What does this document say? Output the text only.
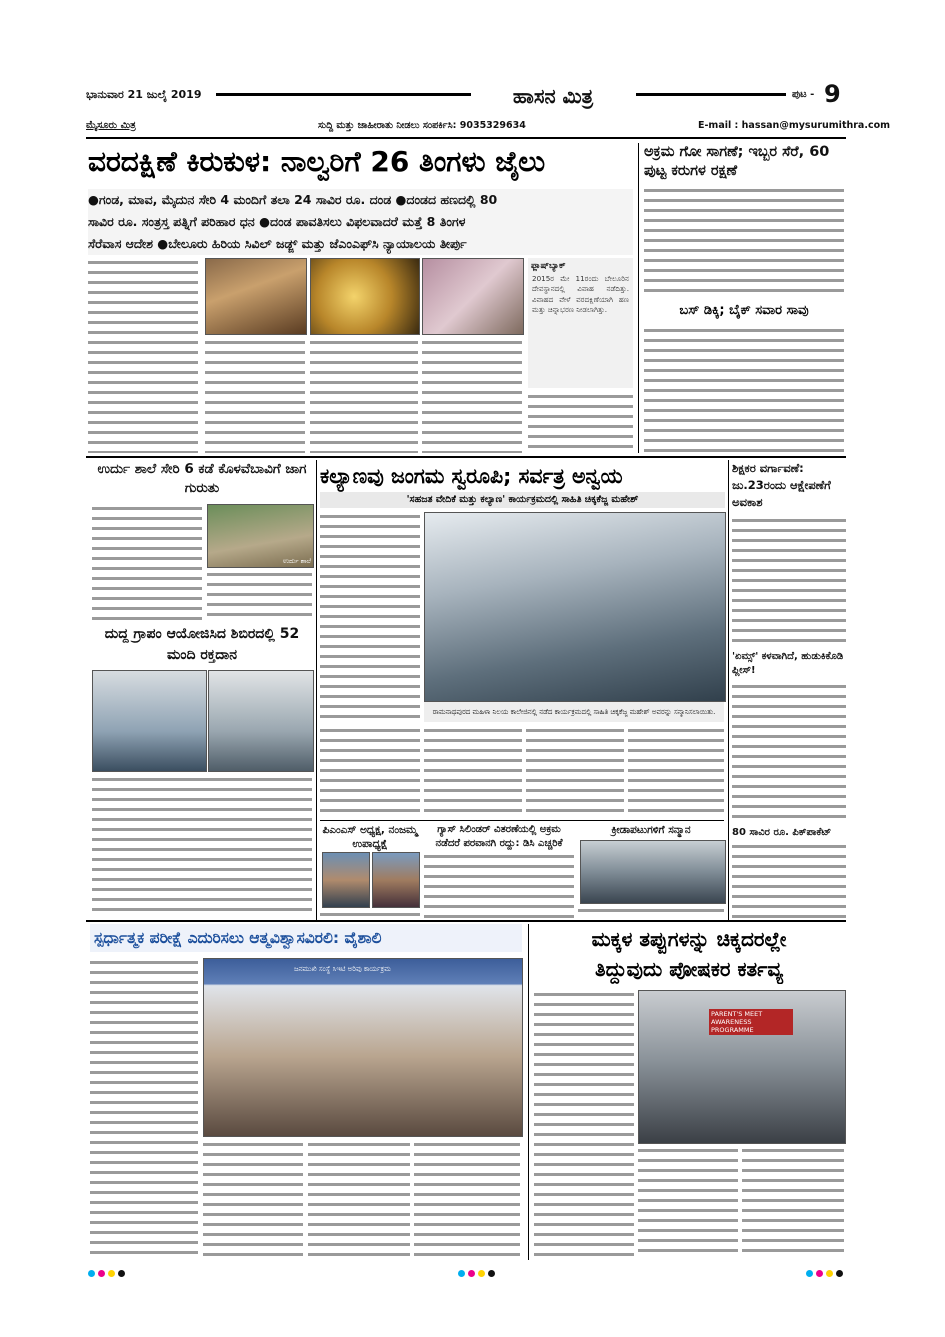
ಭಾನುವಾರ 21 ಜುಲೈ 2019	ಹಾಸನ ಮಿತ್ರ	ಪುಟ - 9
ಮೈಸೂರು ಮಿತ್ರ	ಸುದ್ದಿ ಮತ್ತು ಜಾಹೀರಾತು ನೀಡಲು ಸಂಪರ್ಕಿಸಿ: 9035329634	E-mail : hassan@mysurumithra.com
ವರದಕ್ಷಿಣೆ ಕಿರುಕುಳ: ನಾಲ್ವರಿಗೆ 26 ತಿಂಗಳು ಜೈಲು
●ಗಂಡ, ಮಾವ, ಮೈದುನ ಸೇರಿ 4 ಮಂದಿಗೆ ತಲಾ 24 ಸಾವಿರ ರೂ. ದಂಡ ●ದಂಡದ ಹಣದಲ್ಲಿ 80
ಸಾವಿರ ರೂ. ಸಂತ್ರಸ್ತ ಪತ್ನಿಗೆ ಪರಿಹಾರ ಧನ ●ದಂಡ ಪಾವತಿಸಲು ವಿಫಲವಾದರೆ ಮತ್ತೆ 8 ತಿಂಗಳ
ಸೆರೆವಾಸ ಆದೇಶ ●ಬೇಲೂರು ಹಿರಿಯ ಸಿವಿಲ್ ಜಡ್ಜ್ ಮತ್ತು ಜೆಎಂಎಫ್‌ಸಿ ನ್ಯಾಯಾಲಯ ತೀರ್ಪು
ಫ್ಲಾಷ್‌ಬ್ಯಾಕ್
2015ರ ಮೇ 11ರಂದು ಬೇಲೂರಿನ ದೇವಸ್ಥಾನದಲ್ಲಿ ವಿವಾಹ ನಡೆದಿತ್ತು. ವಿವಾಹದ ವೇಳೆ ವರದಕ್ಷಿಣೆಯಾಗಿ ಹಣ ಮತ್ತು ಚಿನ್ನಾಭರಣ ನೀಡಲಾಗಿತ್ತು.
ಅಕ್ರಮ ಗೋ ಸಾಗಣೆ; ಇಬ್ಬರ ಸೆರೆ, 60 ಪುಟ್ಟ ಕರುಗಳ ರಕ್ಷಣೆ
ಬಸ್ ಡಿಕ್ಕಿ; ಬೈಕ್ ಸವಾರ ಸಾವು
ಉರ್ದು ಶಾಲೆ ಸೇರಿ 6 ಕಡೆ ಕೊಳವೆಬಾವಿಗೆ ಜಾಗ ಗುರುತು
ಉರ್ದು ಶಾಲೆ
ದುದ್ದ ಗ್ರಾಪಂ ಆಯೋಜಿಸಿದ ಶಿಬಿರದಲ್ಲಿ 52 ಮಂದಿ ರಕ್ತದಾನ
ಕಲ್ಯಾಣವು ಜಂಗಮ ಸ್ವರೂಪಿ; ಸರ್ವತ್ರ ಅನ್ವಯ
'ಸಹಜತ ವೇದಿಕೆ ಮತ್ತು ಕಲ್ಯಾಣ' ಕಾರ್ಯಕ್ರಮದಲ್ಲಿ ಸಾಹಿತಿ ಚಿಕ್ಕಕೆಜ್ಜ ಮಹೇಶ್
ರಾಮನಾಥಪುರದ ಮಹಿಳಾ ನಿಲಯ ಕಾಲೇಜಿನಲ್ಲಿ ನಡೆದ ಕಾರ್ಯಕ್ರಮದಲ್ಲಿ ಸಾಹಿತಿ ಚಿಕ್ಕಕೆಜ್ಜ ಮಹೇಶ್ ಅವರನ್ನು ಸನ್ಮಾನಿಸಲಾಯಿತು.
ಶಿಕ್ಷಕರ ವರ್ಗಾವಣೆ: ಜು.23ರಂದು ಆಕ್ಷೇಪಣೆಗೆ ಅವಕಾಶ
'ಏಮ್ಸ್' ಕಳವಾಗಿದೆ, ಹುಡುಕಿಕೊಡಿ ಪ್ಲೀಸ್!
80 ಸಾವಿರ ರೂ. ಪಿಕ್‌ಪಾಕೆಟ್
ಪಿಎಂಎಸ್ ಅಧ್ಯಕ್ಷ, ನಂಜಮ್ಮ ಉಪಾಧ್ಯಕ್ಷೆ
ಗ್ಯಾಸ್ ಸಿಲಿಂಡರ್ ವಿತರಣೆಯಲ್ಲಿ ಅಕ್ರಮ ನಡೆದರೆ ಪರವಾನಗಿ ರದ್ದು: ಡಿಸಿ ಎಚ್ಚರಿಕೆ
ಕ್ರೀಡಾಪಟುಗಳಿಗೆ ಸನ್ಮಾನ
ಸ್ಪರ್ಧಾತ್ಮಕ ಪರೀಕ್ಷೆ ಎದುರಿಸಲು ಆತ್ಮವಿಶ್ವಾಸವಿರಲಿ: ವೈಶಾಲಿ
ಜನಮುಖಿ ಸಂಸ್ಥೆ ಸಿಇಟಿ ಅರಿವು ಕಾರ್ಯಕ್ರಮ
ಮಕ್ಕಳ ತಪ್ಪುಗಳನ್ನು ಚಿಕ್ಕದರಲ್ಲೇ
ತಿದ್ದುವುದು ಪೋಷಕರ ಕರ್ತವ್ಯ
PARENT'S MEET AWARENESS PROGRAMME
